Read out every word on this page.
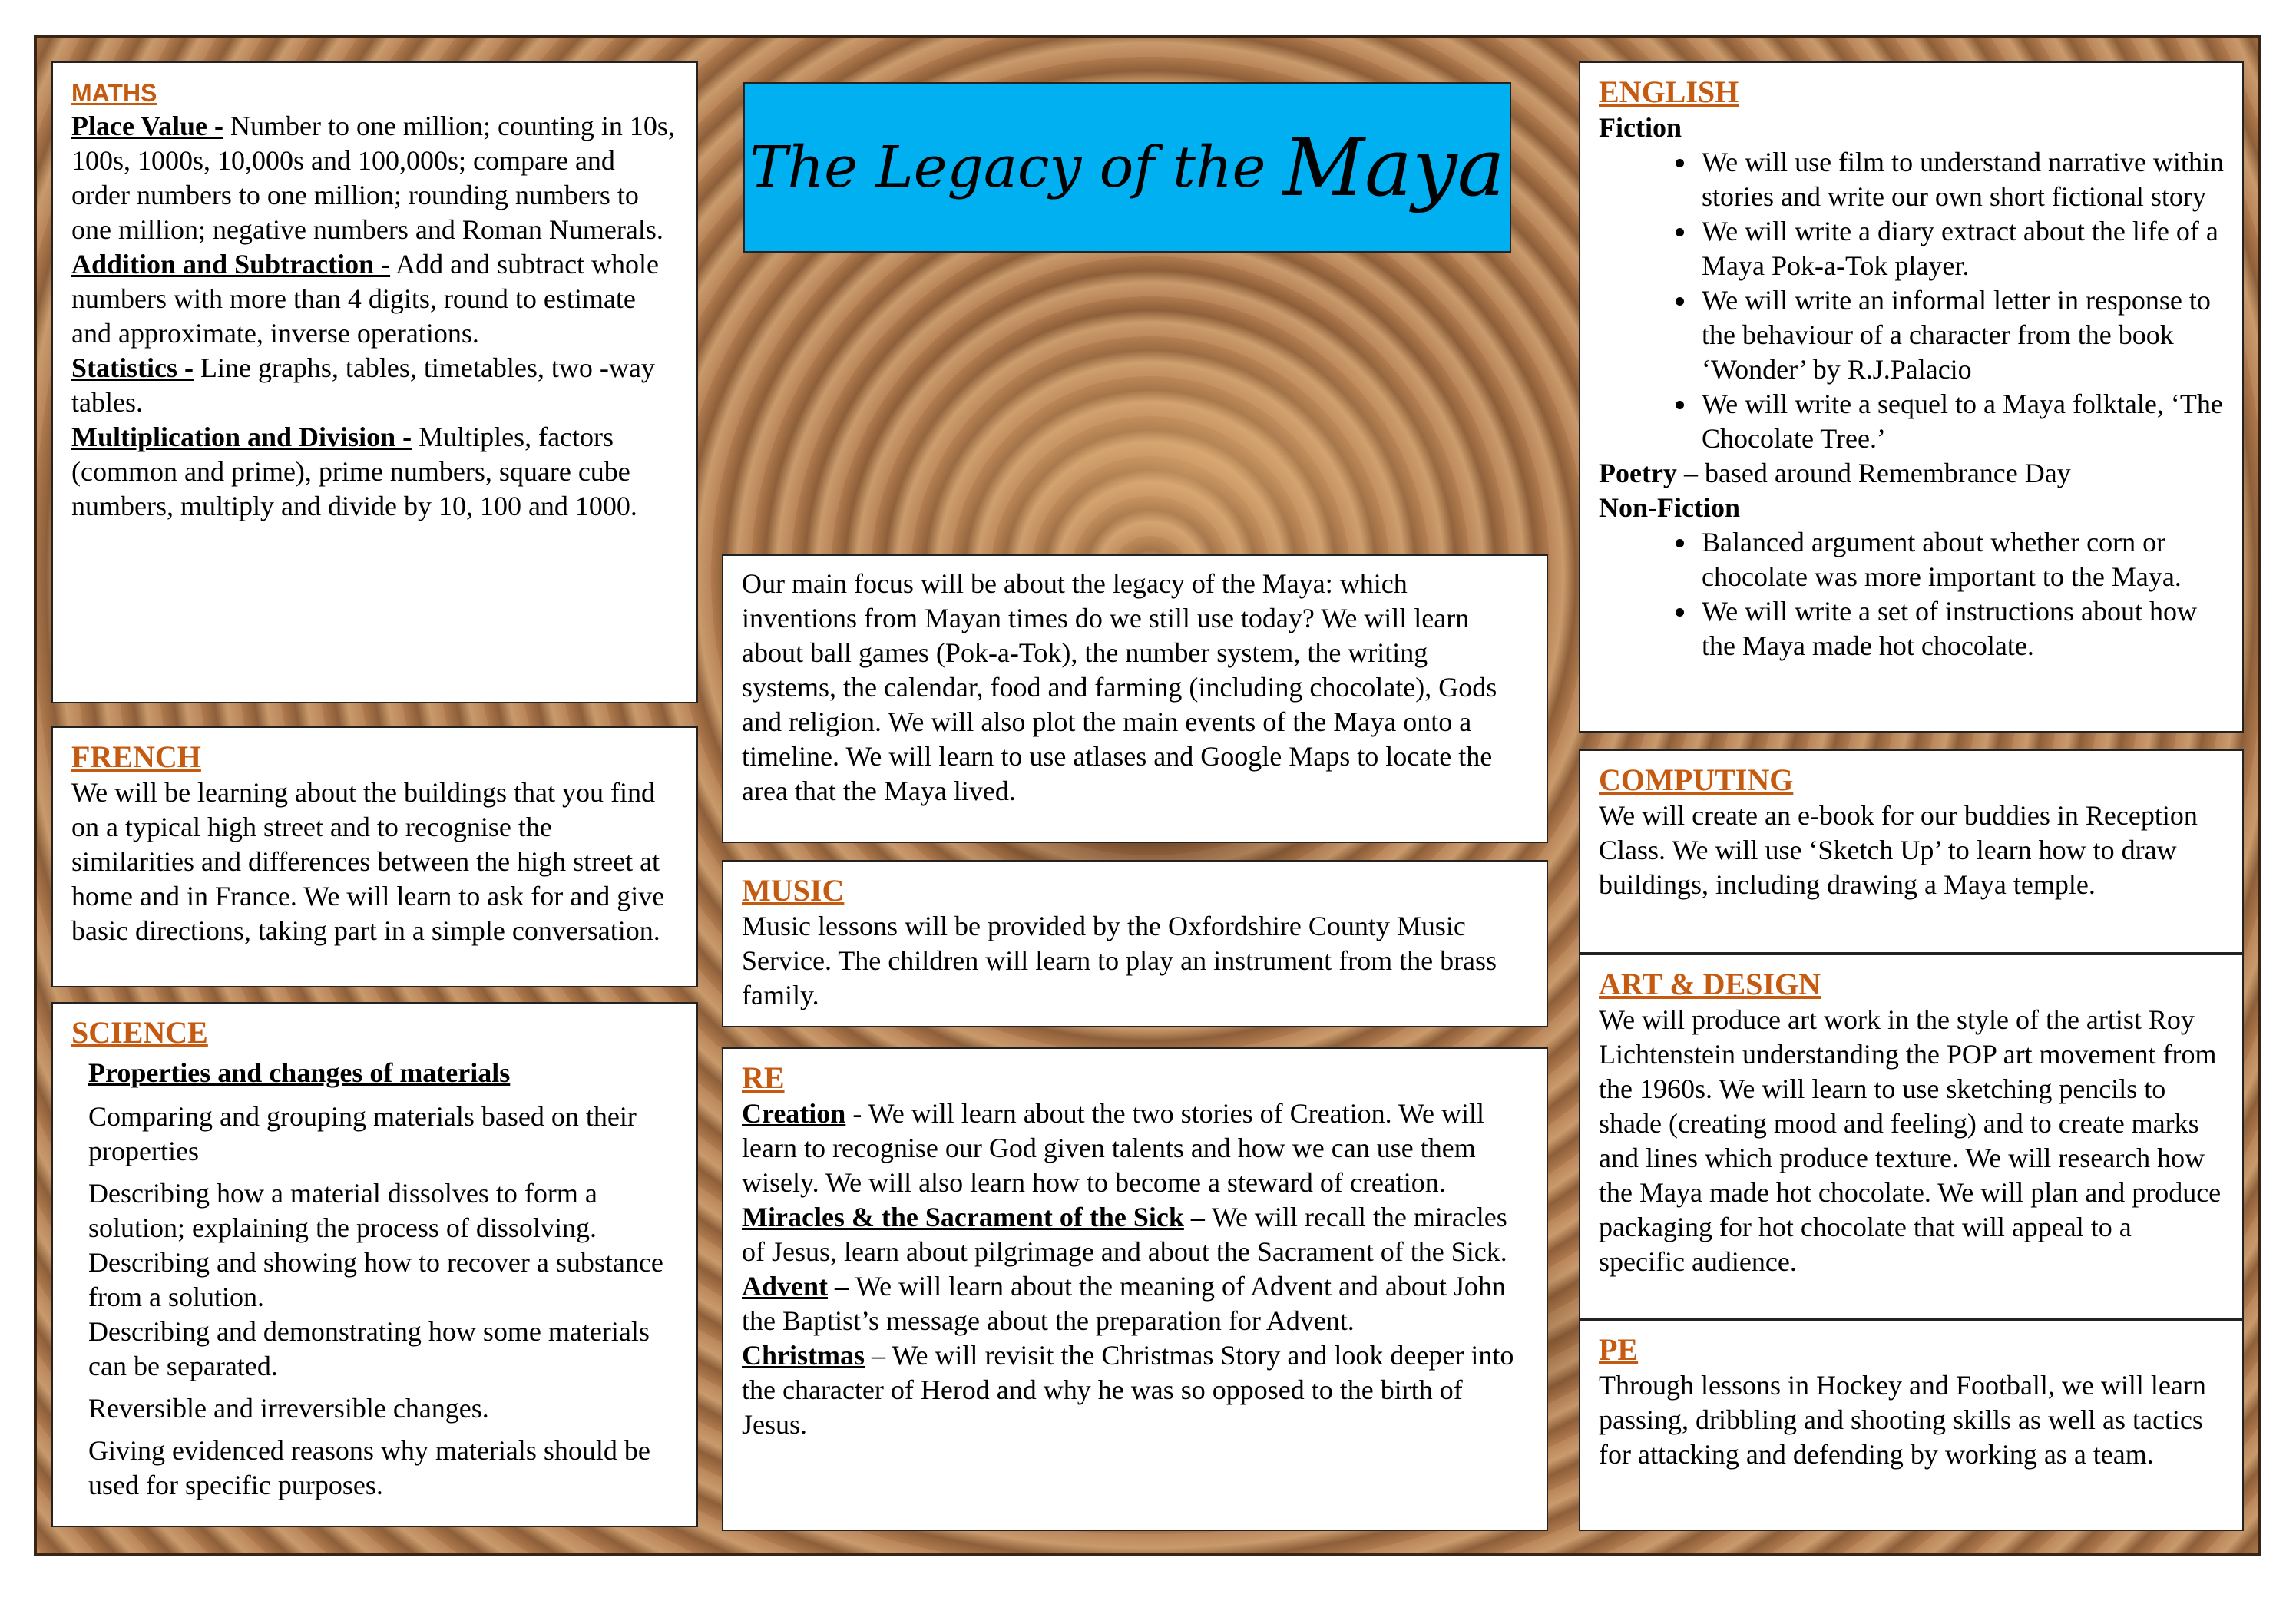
The Legacy of the Maya
MATHS

Place Value - Number to one million; counting in 10s, 100s, 1000s, 10,000s and 100,000s; compare and order numbers to one million; rounding numbers to one million; negative numbers and Roman Numerals.

Addition and Subtraction - Add and subtract whole numbers with more than 4 digits, round to estimate and approximate, inverse operations.

Statistics - Line graphs, tables, timetables, two -way tables.

Multiplication and Division - Multiples, factors (common and prime), prime numbers, square cube numbers, multiply and divide by 10, 100 and 1000.

FRENCH

We will be learning about the buildings that you find on a typical high street and to recognise the similarities and differences between the high street at home and in France. We will learn to ask for and give basic directions, taking part in a simple conversation.

SCIENCE

Properties and changes of materials

Comparing and grouping materials based on their properties

Describing how a material dissolves to form a solution; explaining the process of dissolving.

Describing and showing how to recover a substance from a solution.

Describing and demonstrating how some materials can be separated.

Reversible and irreversible changes.

Giving evidenced reasons why materials should be used for specific purposes.

Our main focus will be about the legacy of the Maya: which inventions from Mayan times do we still use today? We will learn about ball games (Pok-a-Tok), the number system, the writing systems, the calendar, food and farming (including chocolate), Gods and religion. We will also plot the main events of the Maya onto a timeline. We will learn to use atlases and Google Maps to locate the area that the Maya lived.

MUSIC

Music lessons will be provided by the Oxfordshire County Music Service. The children will learn to play an instrument from the brass family.

RE

Creation - We will learn about the two stories of Creation. We will learn to recognise our God given talents and how we can use them wisely. We will also learn how to become a steward of creation.

Miracles & the Sacrament of the Sick – We will recall the miracles of Jesus, learn about pilgrimage and about the Sacrament of the Sick.

Advent – We will learn about the meaning of Advent and about John the Baptist’s message about the preparation for Advent.

Christmas – We will revisit the Christmas Story and look deeper into the character of Herod and why he was so opposed to the birth of Jesus.

ENGLISH

Fiction

• We will use film to understand narrative within stories and write our own short fictional story
• We will write a diary extract about the life of a Maya Pok-a-Tok player.
• We will write an informal letter in response to the behaviour of a character from the book ‘Wonder’ by R.J.Palacio
• We will write a sequel to a Maya folktale, ‘The Chocolate Tree.’

Poetry – based around Remembrance Day

Non-Fiction

• Balanced argument about whether corn or chocolate was more important to the Maya.
• We will write a set of instructions about how the Maya made hot chocolate.
COMPUTING

We will create an e-book for our buddies in Reception Class. We will use ‘Sketch Up’ to learn how to draw buildings, including drawing a Maya temple.

ART & DESIGN

We will produce art work in the style of the artist Roy Lichtenstein understanding the POP art movement from the 1960s. We will learn to use sketching pencils to shade (creating mood and feeling) and to create marks and lines which produce texture. We will research how the Maya made hot chocolate. We will plan and produce packaging for hot chocolate that will appeal to a specific audience.

PE

Through lessons in Hockey and Football, we will learn passing, dribbling and shooting skills as well as tactics for attacking and defending by working as a team.
